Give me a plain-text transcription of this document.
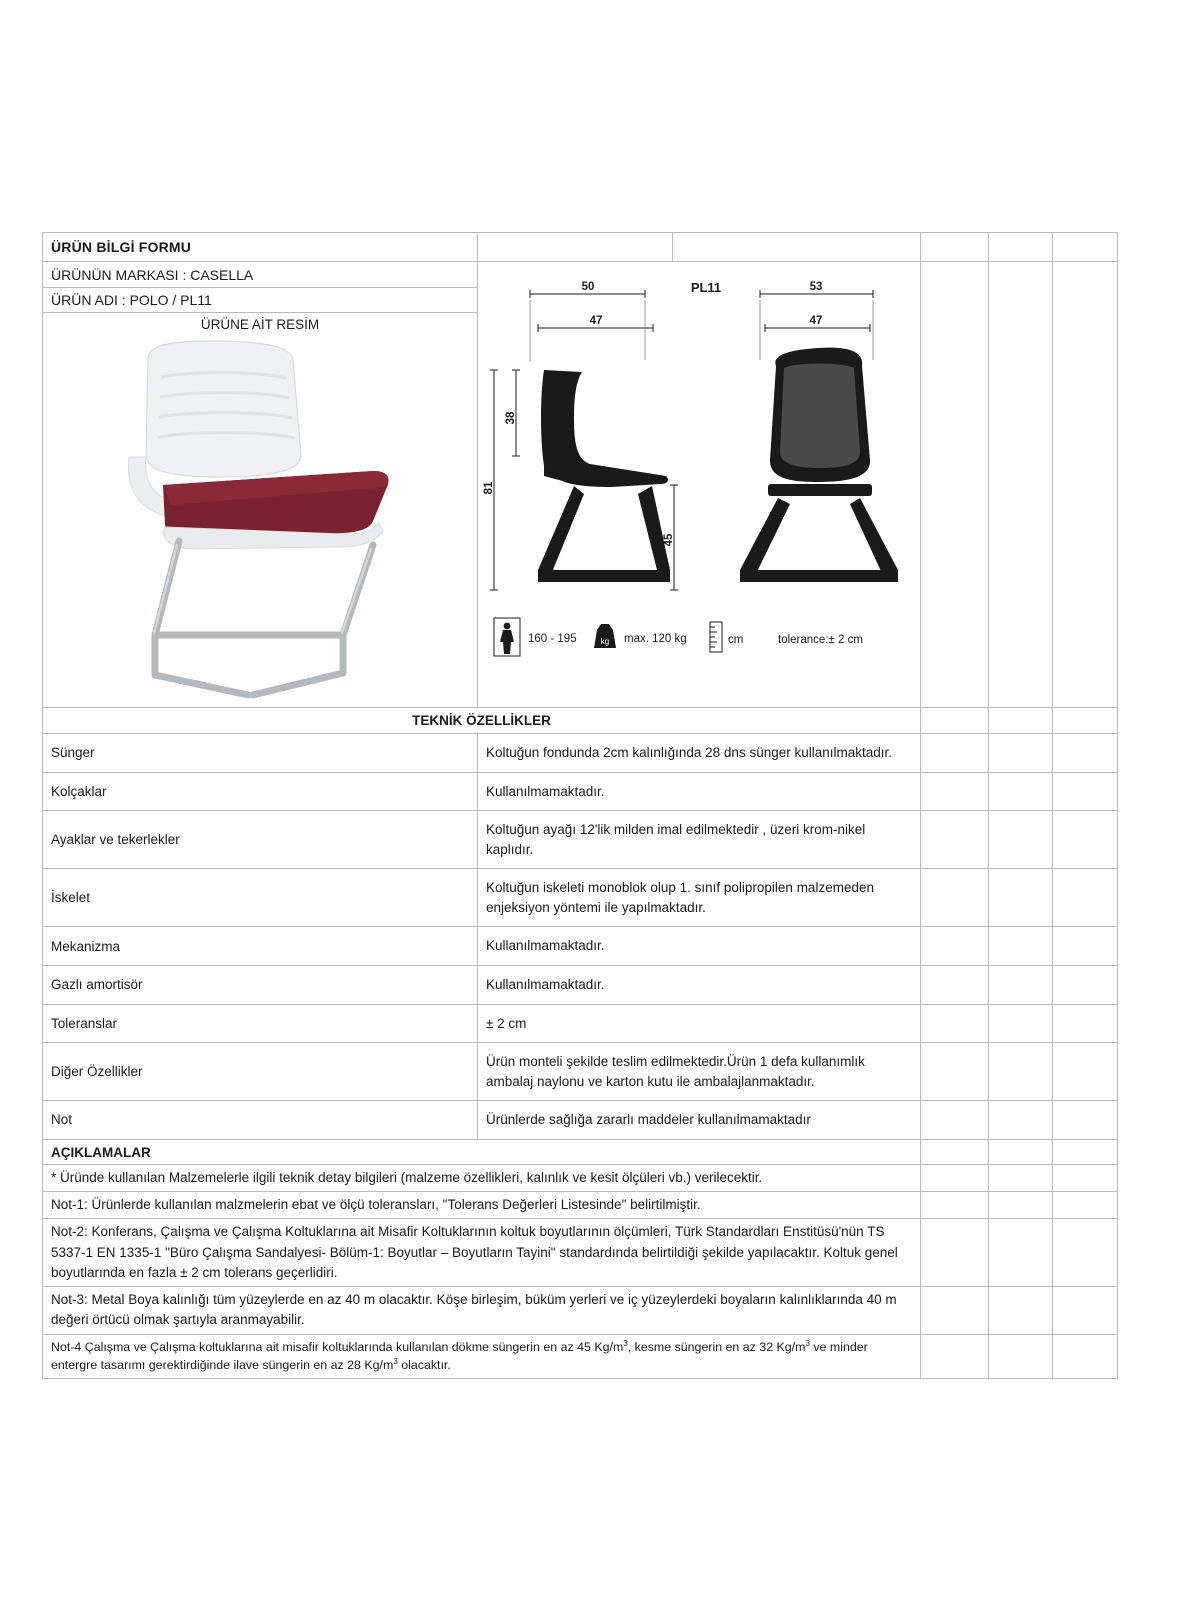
ÜRÜN BİLGİ FORMU					
ÜRÜNÜN MARKASI : CASELLA
ÜRÜN ADI : POLO / PL11
ÜRÜNE AİT RESİM

PL11
50
47
53
47
81
38
45
160 - 195	kg max. 120 kg	cm	tolerance:± 2 cm

TEKNİK ÖZELLİKLER				
Sünger	Koltuğun fondunda 2cm kalınlığında 28 dns sünger kullanılmaktadır.			
Kolçaklar	Kullanılmamaktadır.			
Ayaklar ve tekerlekler	Koltuğun ayağı 12'lik milden imal edilmektedir , üzeri krom-nikel kaplıdır.			
İskelet	Koltuğun iskeleti monoblok olup 1. sınıf polipropilen malzemeden enjeksiyon yöntemi ile yapılmaktadır.			
Mekanizma	Kullanılmamaktadır.			
Gazlı amortisör	Kullanılmamaktadır.			
Toleranslar	± 2 cm			
Diğer Özellikler	Ürün monteli şekilde teslim edilmektedir.Ürün 1 defa kullanımlık ambalaj naylonu ve karton kutu ile ambalajlanmaktadır.			
Not	Ürünlerde sağlığa zararlı maddeler kullanılmamaktadır			
AÇIKLAMALAR			
* Üründe kullanılan Malzemelerle ilgili teknik detay bilgileri (malzeme özellikleri, kalınlık ve kesit ölçüleri vb.) verilecektir.			
Not-1: Ürünlerde kullanılan malzmelerin ebat ve ölçü toleransları, "Tolerans Değerleri Listesinde" belirtilmiştir.			
Not-2: Konferans, Çalışma ve Çalışma Koltuklarına ait Misafir Koltuklarının koltuk boyutlarının ölçümleri, Türk Standardları Enstitüsü'nün TS 5337-1 EN 1335-1 "Büro Çalışma Sandalyesi- Bölüm-1: Boyutlar – Boyutların Tayini" standardında belirtildiği şekilde yapılacaktır. Koltuk genel boyutlarında en fazla ± 2 cm tolerans geçerlidiri.			
Not-3: Metal Boya kalınlığı tüm yüzeylerde en az 40 m olacaktır. Köşe birleşim, büküm yerleri ve iç yüzeylerdeki boyaların kalınlıklarında 40 m değeri örtücü olmak şartıyla aranmayabilir.			
Not-4 Çalışma ve Çalışma koltuklarına ait misafir koltuklarında kullanılan dökme süngerin en az 45 $Kg/m^3$, kesme süngerin en az 32 $Kg/m^3$ ve minder entergre tasarımı gerektirdiğinde ilave süngerin en az 28 $Kg/m^3$ olacaktır.			
